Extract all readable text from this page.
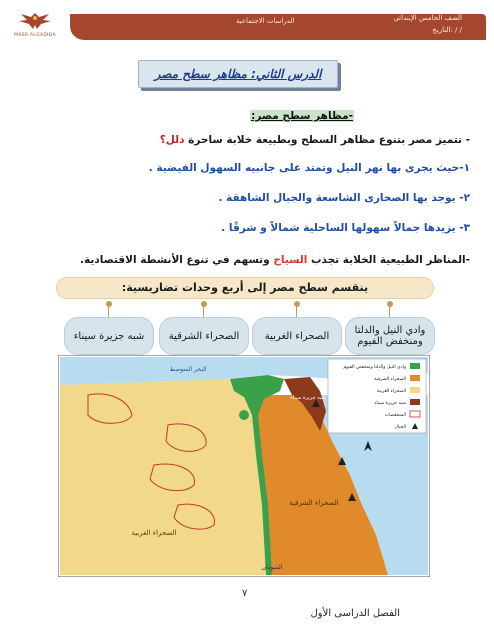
الصف الخامس الإبتدائي
التاريخ: / /
الدراسات الاجتماعية
MASR ALGADIDA
الدرس الثاني: مظاهر سطح مصر
-مظاهر سطح مصر:
- تتميز مصر بتنوع مظاهر السطح وبطبيعة خلابة ساحرة دلل؟
١-حيث يجرى بها نهر النيل وتمتد على جانبيه السهول الفيضية .
٢- يوجد بها الصحارى الشاسعة والجبال الشاهقة .
٣- يزيدها جمالاً سهولها الساحلية شمالاً و شرقًا .
-المناظر الطبيعية الخلابة تجذب السياح وتسهم في تنوع الأنشطة الاقتصادية.
ينقسم سطح مصر إلى أربع وحدات تضاريسية:
وادي النيل والدلتا ومنخفض الفيوم
الصحراء الغربية
الصحراء الشرقية
شبه جزيرة سيناء
البحر المتوسط
الصحراء الغربية
الصحراء الشرقية
شبه جزيرة سيناء
السودان
وادي النيل والدلتا ومنخفض الفيوم
الصحراء الشرقية
الصحراء الغربية
شبه جزيرة سيناء
المنخفضات
الجبال
٧
الفصل الدراسى الأول
